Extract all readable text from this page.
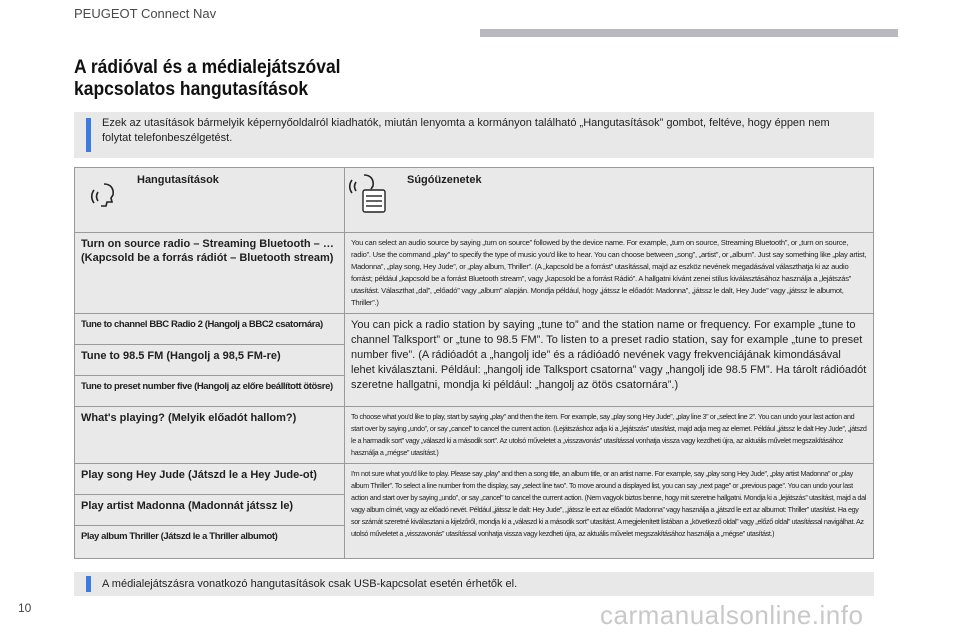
PEUGEOT Connect Nav
A rádióval és a médialejátszóval
kapcsolatos hangutasítások
Ezek az utasítások bármelyik képernyőoldalról kiadhatók, miután lenyomta a kormányon található „Hangutasítások” gombot, feltéve, hogy éppen nem folytat telefonbeszélgetést.
Hangutasítások	Súgóüzenetek

Turn on source radio – Streaming Bluetooth – … (Kapcsold be a forrás rádiót – Bluetooth stream)	You can select an audio source by saying „turn on source” followed by the device name. For example, „turn on source, Streaming Bluetooth”, or „turn on source, radio”. Use the command „play” to specify the type of music you'd like to hear. You can choose between „song”, „artist”, or „album”. Just say something like „play artist, Madonna”, „play song, Hey Jude”, or „play album, Thriller”. (A „kapcsold be a forrást” utasítással, majd az eszköz nevének megadásával választhatja ki az audio forrást; például „kapcsold be a forrást Bluetooth stream”, vagy „kapcsold be a forrást Rádió”. A hallgatni kívánt zenei stílus kiválasztásához használja a „lejátszás” utasítást. Választhat „dal”, „előadó” vagy „album” alapján. Mondja például, hogy „játssz le előadót: Madonna”, „játssz le dalt, Hey Jude” vagy „játssz le albumot, Thriller”.)

Tune to channel BBC Radio 2 (Hangolj a BBC2 csatornára)	You can pick a radio station by saying „tune to” and the station name or frequency. For example „tune to channel Talksport” or „tune to 98.5 FM”. To listen to a preset radio station, say for example „tune to preset number five”. (A rádióadót a „hangolj ide” és a rádióadó nevének vagy frekvenciájának kimondásával lehet kiválasztani. Például: „hangolj ide Talksport csatorna” vagy „hangolj ide 98.5 FM”. Ha tárolt rádióadót szeretne hallgatni, mondja ki például: „hangolj az ötös csatornára”.)

Tune to 98.5 FM (Hangolj a 98,5 FM-re)	

Tune to preset number five (Hangolj az előre beállított ötösre)	

What's playing? (Melyik előadót hallom?)	To choose what you'd like to play, start by saying „play” and then the item. For example, say „play song Hey Jude”, „play line 3” or „select line 2”. You can undo your last action and start over by saying „undo”, or say „cancel” to cancel the current action. (Lejátszáshoz adja ki a „lejátszás” utasítást, majd adja meg az elemet. Például „játssz le dalt Hey Jude”, „játszd le a harmadik sort” vagy „válaszd ki a második sort”. Az utolsó műveletet a „visszavonás” utasítással vonhatja vissza vagy kezdheti újra, az aktuális művelet megszakításához használja a „mégse” utasítást.)

Play song Hey Jude (Játszd le a Hey Jude-ot)	I'm not sure what you'd like to play. Please say „play” and then a song title, an album title, or an artist name. For example, say „play song Hey Jude”, „play artist Madonna” or „play album Thriller”. To select a line number from the display, say „select line two”. To move around a displayed list, you can say „next page” or „previous page”. You can undo your last action and start over by saying „undo”, or say „cancel” to cancel the current action. (Nem vagyok biztos benne, hogy mit szeretne hallgatni. Mondja ki a „lejátszás” utasítást, majd a dal vagy album címét, vagy az előadó nevét. Például „játssz le dalt: Hey Jude”, „játssz le ezt az előadót: Madonna” vagy használja a „játszd le ezt az albumot: Thriller” utasítást. Ha egy sor számát szeretné kiválasztani a kijelzőről, mondja ki a „válaszd ki a második sort” utasítást. A megjelenített listában a „következő oldal” vagy „előző oldal” utasítással navigálhat. Az utolsó műveletet a „visszavonás” utasítással vonhatja vissza vagy kezdheti újra, az aktuális művelet megszakításához használja a „mégse” utasítást.)

Play artist Madonna (Madonnát játssz le)	

Play album Thriller (Játszd le a Thriller albumot)	
A médialejátszásra vonatkozó hangutasítások csak USB-kapcsolat esetén érhetők el.
10	carmanualsonline.info
